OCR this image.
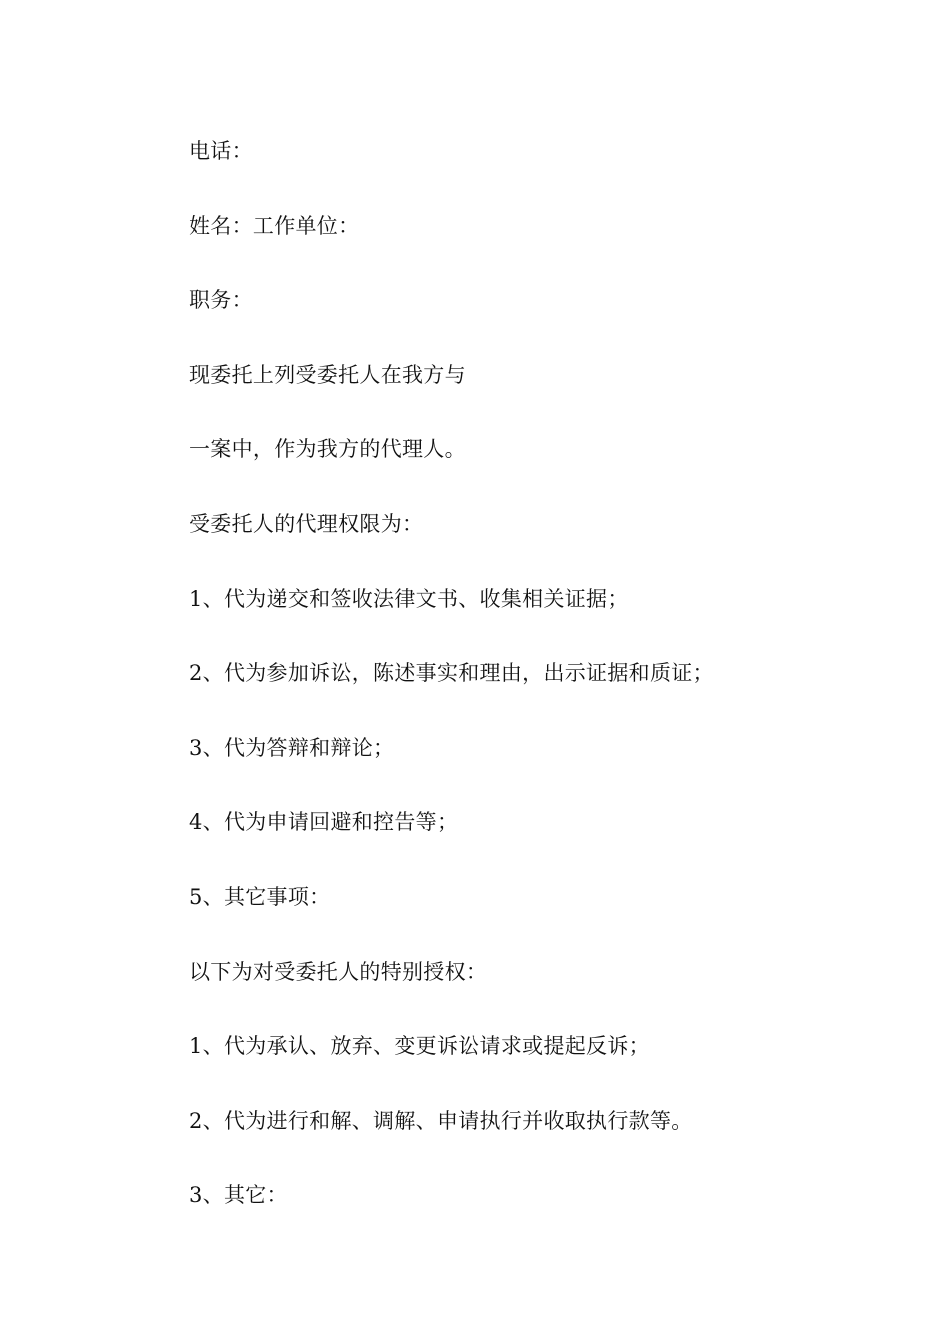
电话：
姓名：工作单位：
职务：
现委托上列受委托人在我方与
一案中，作为我方的代理人。
受委托人的代理权限为：
1、代为递交和签收法律文书、收集相关证据；
2、代为参加诉讼，陈述事实和理由，出示证据和质证；
3、代为答辩和辩论；
4、代为申请回避和控告等；
5、其它事项：
以下为对受委托人的特别授权：
1、代为承认、放弃、变更诉讼请求或提起反诉；
2、代为进行和解、调解、申请执行并收取执行款等。
3、其它：
